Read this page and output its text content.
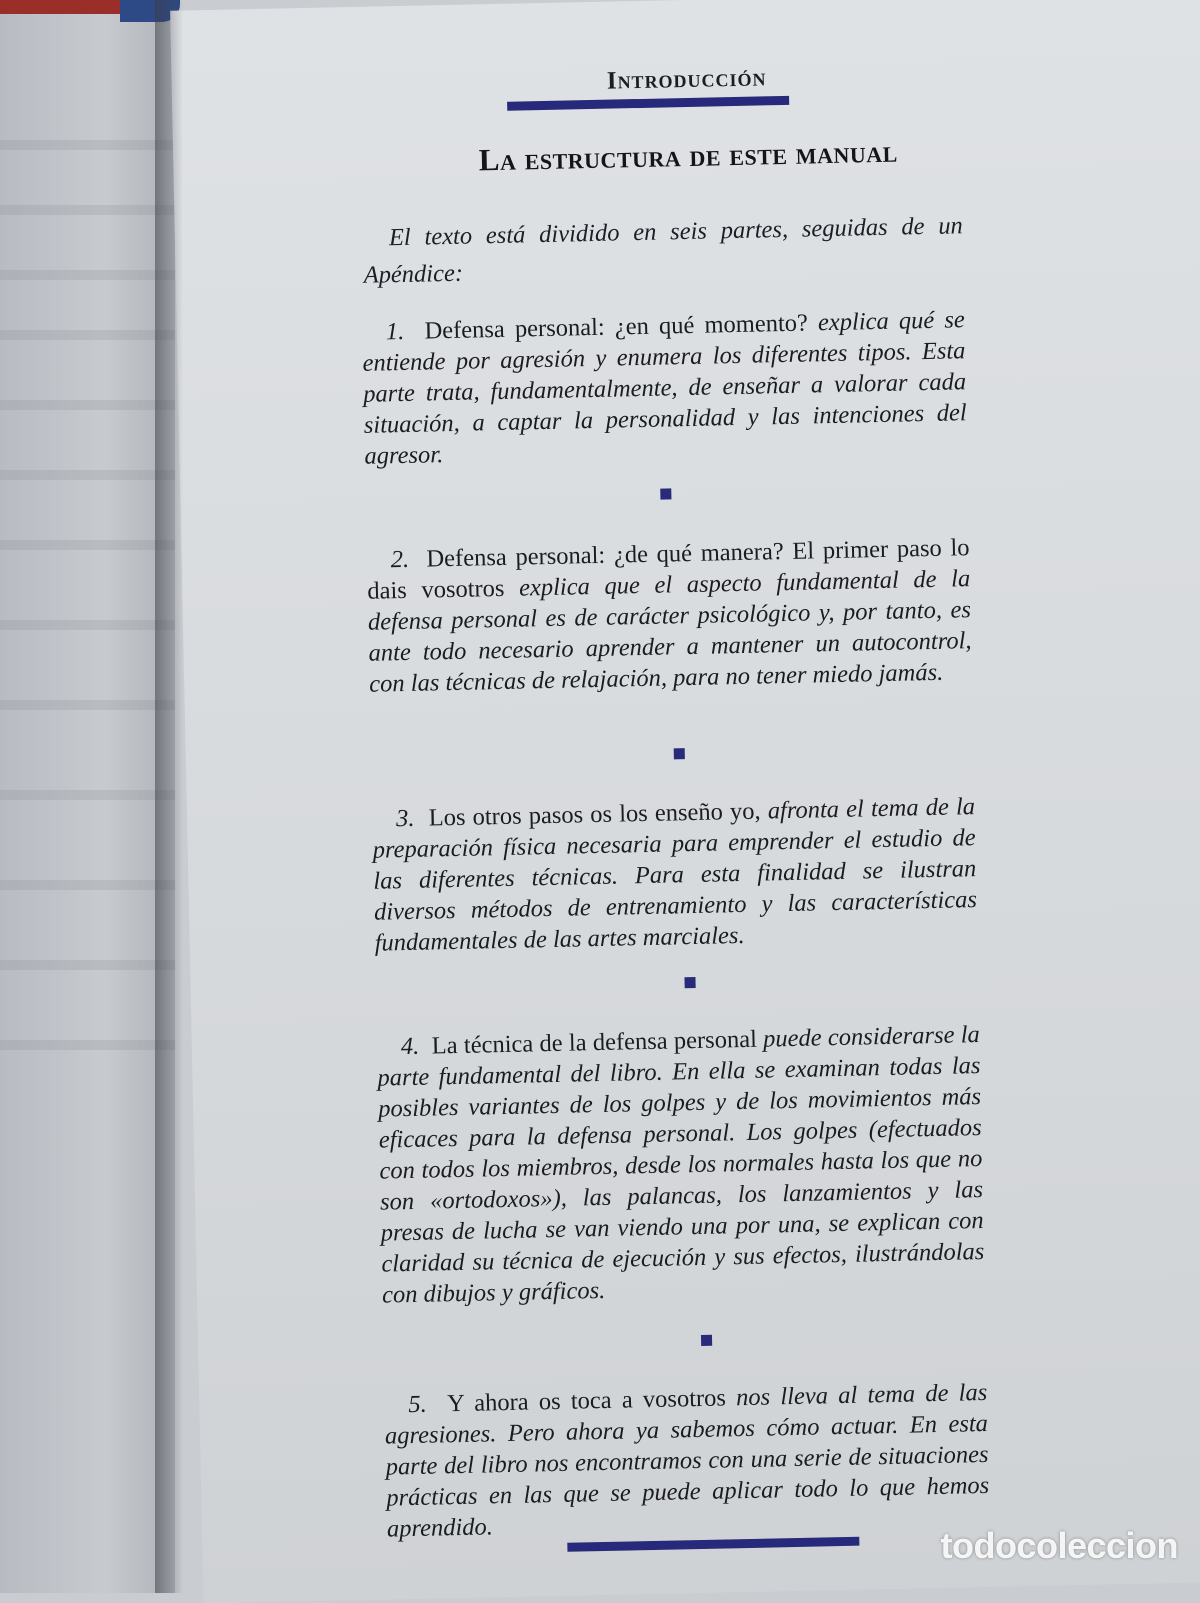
Introducción
La estructura de este manual
El texto está dividido en seis partes, seguidas de un Apéndice:
1. Defensa personal: ¿en qué momento? explica qué se entiende por agresión y enumera los diferentes tipos. Esta parte trata, fundamentalmente, de enseñar a valorar cada situación, a captar la personalidad y las intenciones del agresor.
2. Defensa personal: ¿de qué manera? El primer paso lo dais vosotros explica que el aspecto fundamental de la defensa personal es de carácter psicológico y, por tanto, es ante todo necesario aprender a mantener un autocontrol, con las técnicas de relajación, para no tener miedo jamás.
3. Los otros pasos os los enseño yo, afronta el tema de la preparación física necesaria para emprender el estudio de las diferentes técnicas. Para esta finalidad se ilustran diversos métodos de entrenamiento y las características fundamentales de las artes marciales.
4. La técnica de la defensa personal puede considerarse la parte fundamental del libro. En ella se examinan todas las posibles variantes de los golpes y de los movimientos más eficaces para la defensa personal. Los golpes (efectuados con todos los miembros, desde los normales hasta los que no son «ortodoxos»), las palancas, los lanzamientos y las presas de lucha se van viendo una por una, se explican con claridad su técnica de ejecución y sus efectos, ilustrándolas con dibujos y gráficos.
5. Y ahora os toca a vosotros nos lleva al tema de las agresiones. Pero ahora ya sabemos cómo actuar. En esta parte del libro nos encontramos con una serie de situaciones prácticas en las que se puede aplicar todo lo que hemos aprendido.	todocoleccion
